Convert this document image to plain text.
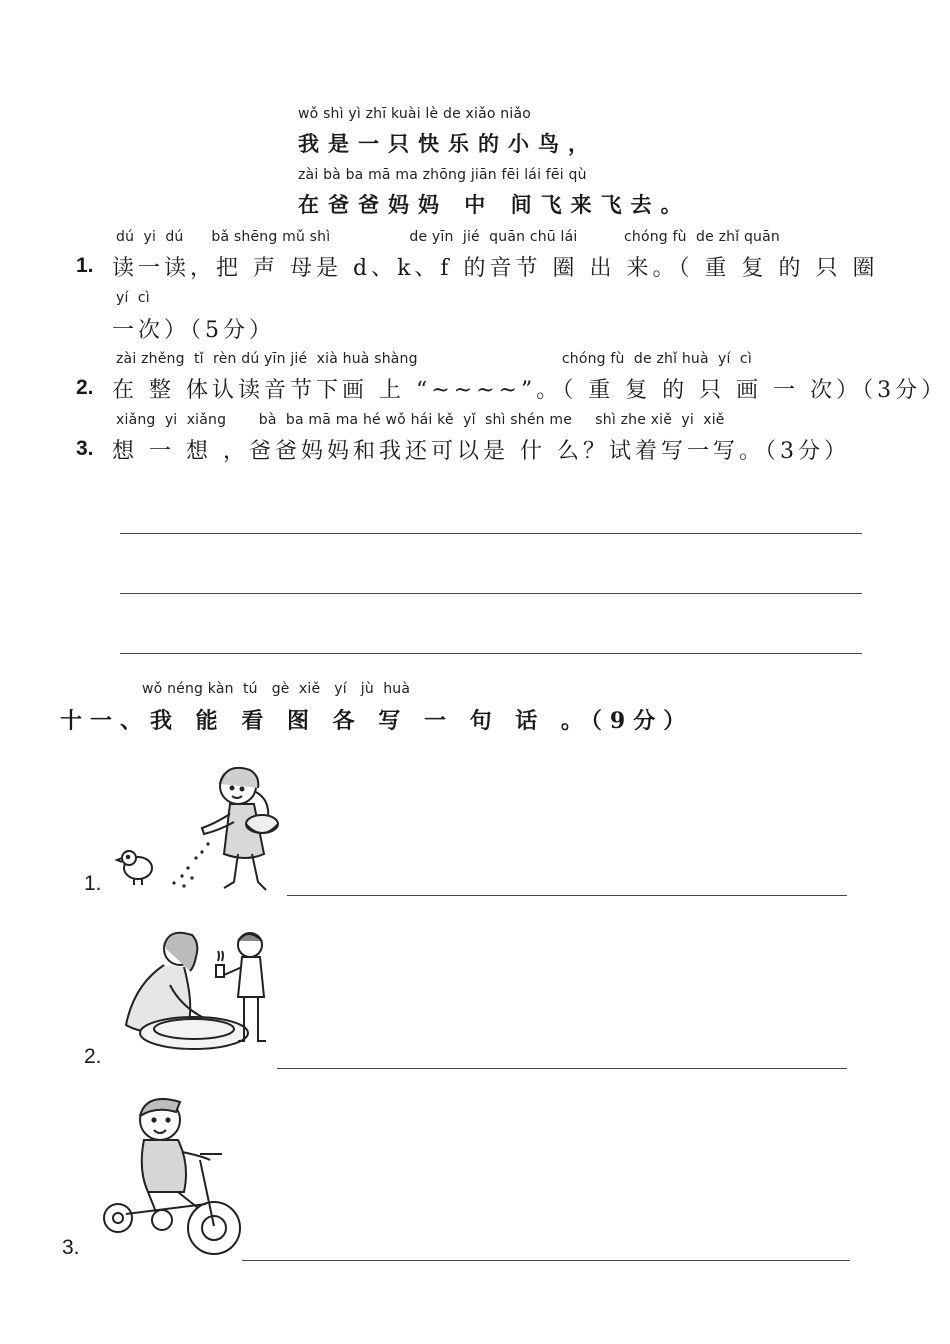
wǒ shì yì zhī kuài lè de xiǎo niǎo
我是一只快乐的小鸟，
zài bà ba mā ma zhōng jiān fēi lái fēi qù
在爸爸妈妈 中 间飞来飞去。
dú  yi  dú      bǎ shēng mǔ shì                 de yīn  jié  quān chū lái          chóng fù  de zhǐ quān
1. 读一读，把 声 母是 d、k、f 的音节 圈 出 来。（ 重 复 的 只 圈
yí  cì
一次）（5分）
zài zhěng  tǐ  rèn dú yīn jié  xià huà shàng                               chóng fù  de zhǐ huà  yí  cì
2. 在 整 体认读音节下画 上 “~~~~”。（ 重 复 的 只 画 一 次）（3分）
xiǎng  yi  xiǎng       bà  ba mā ma hé wǒ hái kě  yǐ  shì shén me     shì zhe xiě  yi  xiě
3. 想 一 想 ，爸爸妈妈和我还可以是 什 么？试着写一写。（3分）
wǒ néng kàn  tú   gè  xiě   yí   jù  huà
十一、我 能 看 图 各 写 一 句 话 。（9分）
1.
2.
3.
